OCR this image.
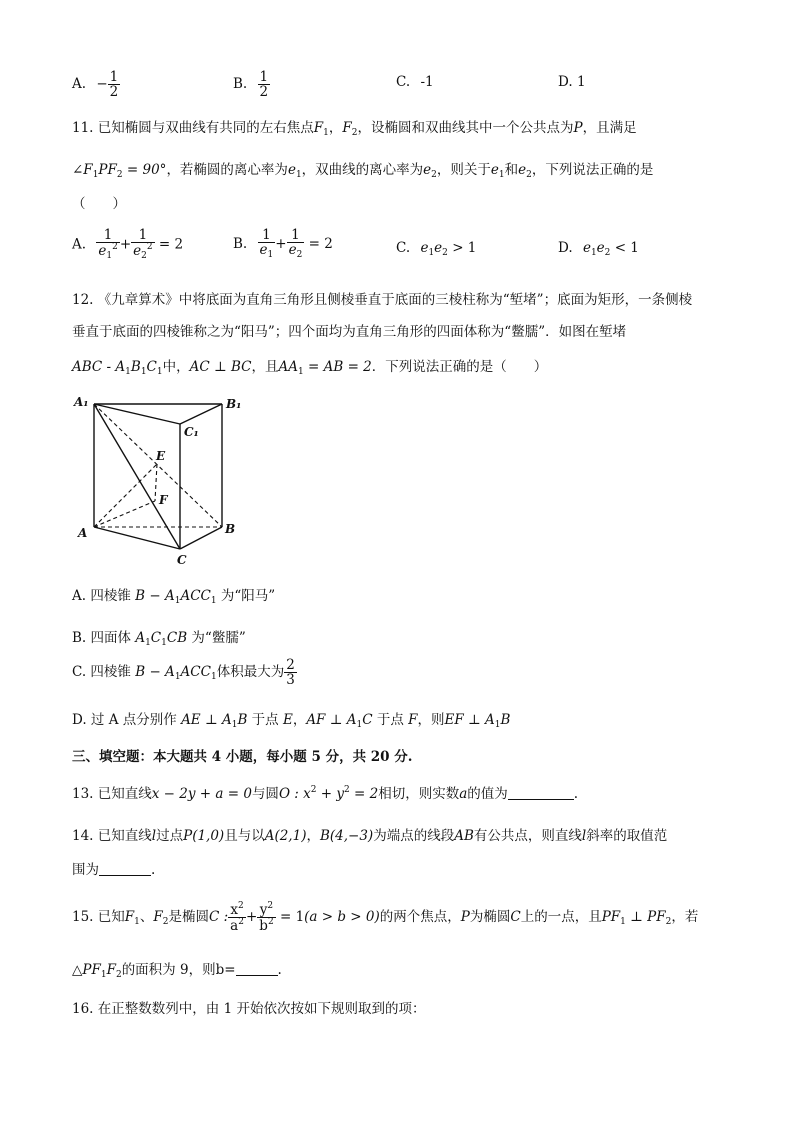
A. − $\frac{1}{2}$	B. $\frac{1}{2}$	C. -1	D. 1
11. 已知椭圆与双曲线有共同的左右焦点$F_1$，$F_2$，设椭圆和双曲线其中一个公共点为P，且满足
$\angle F_1PF_2 = 90^\circ$，若椭圆的离心率为$e_1$，双曲线的离心率为$e_2$，则关于$e_1$和$e_2$，下列说法正确的是
（　　）
A. $\frac{1}{e_1^2} + \frac{1}{e_2^2} = 2$	B. $\frac{1}{e_1} + \frac{1}{e_2} = 2$	C. $e_1e_2 > 1$	D. $e_1e_2 < 1$
12. 《九章算术》中将底面为直角三角形且侧棱垂直于底面的三棱柱称为“堑堵”；底面为矩形，一条侧棱
垂直于底面的四棱锥称之为“阳马”；四个面均为直角三角形的四面体称为“鳖臑”．如图在堑堵
ABC - $A_1B_1C_1$中，AC ⊥ BC，且$AA_1$ = AB = 2．下列说法正确的是（　　）
A₁	B₁
C₁
E
F
A	B
C
A. 四棱锥 $B - A_1ACC_1$ 为“阳马”
B. 四面体 $A_1C_1CB$ 为“鳖臑”
C. 四棱锥 $B - A_1ACC_1$体积最大为 $\frac{2}{3}$
D. 过 A 点分别作 AE ⊥ $A_1B$ 于点 E，AF ⊥ $A_1C$ 于点 F，则EF ⊥ $A_1B$
三、填空题：本大题共 4 小题，每小题 5 分，共 20 分.
13. 已知直线x − 2y + a = 0与圆O : $x^2 + y^2 = 2$相切，则实数a的值为	.
14. 已知直线l过点P(1,0)且与以A(2,1)，B(4,−3)为端点的线段AB有公共点，则直线l斜率的取值范
围为	.
15. 已知$F_1$、$F_2$是椭圆C : $\frac{x^2}{a^2} + \frac{y^2}{b^2} = 1(a > b > 0)$的两个焦点，P为椭圆C上的一点，且$PF_1$ ⊥ $PF_2$，若
$\triangle PF_1F_2$的面积为 9，则b=	.
16. 在正整数数列中，由 1 开始依次按如下规则取到的项：
